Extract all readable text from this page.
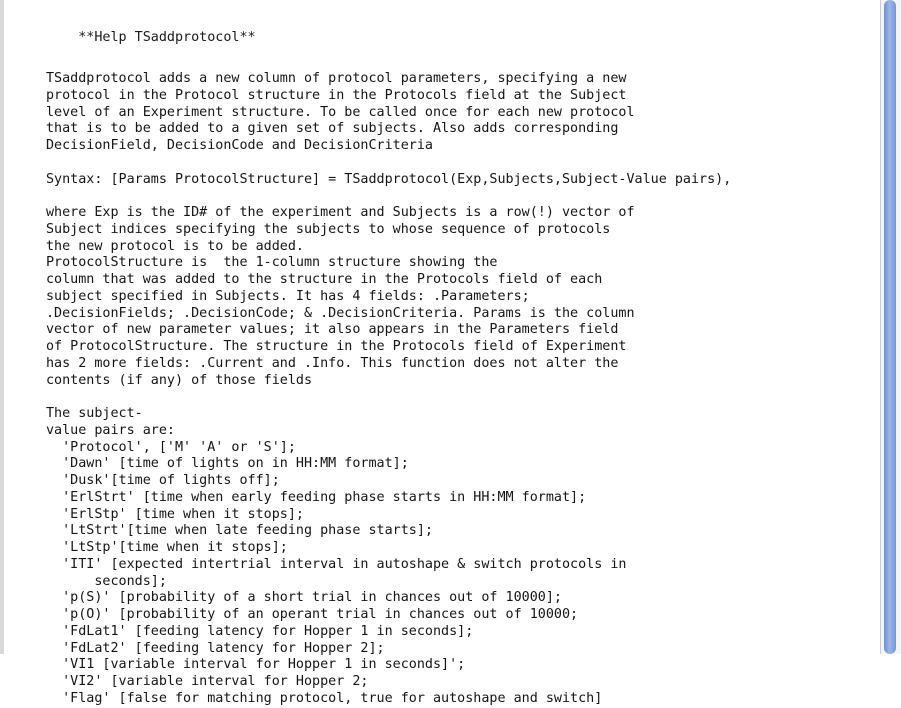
**Help TSaddprotocol**

TSaddprotocol adds a new column of protocol parameters, specifying a new
protocol in the Protocol structure in the Protocols field at the Subject
level of an Experiment structure. To be called once for each new protocol
that is to be added to a given set of subjects. Also adds corresponding
DecisionField, DecisionCode and DecisionCriteria
Syntax: [Params ProtocolStructure] = TSaddprotocol(Exp,Subjects,Subject-Value pairs),
where Exp is the ID# of the experiment and Subjects is a row(!) vector of
Subject indices specifying the subjects to whose sequence of protocols
the new protocol is to be added.
ProtocolStructure is  the 1-column structure showing the
column that was added to the structure in the Protocols field of each
subject specified in Subjects. It has 4 fields: .Parameters;
.DecisionFields; .DecisionCode; & .DecisionCriteria. Params is the column
vector of new parameter values; it also appears in the Parameters field
of ProtocolStructure. The structure in the Protocols field of Experiment
has 2 more fields: .Current and .Info. This function does not alter the
contents (if any) of those fields
The subject-
value pairs are:
'Protocol', ['M' 'A' or 'S'];
'Dawn' [time of lights on in HH:MM format];
'Dusk'[time of lights off];
'ErlStrt' [time when early feeding phase starts in HH:MM format];
'ErlStp' [time when it stops];
'LtStrt'[time when late feeding phase starts];
'LtStp'[time when it stops];
'ITI' [expected intertrial interval in autoshape & switch protocols in
seconds];
'p(S)' [probability of a short trial in chances out of 10000];
'p(O)' [probability of an operant trial in chances out of 10000;
'FdLat1' [feeding latency for Hopper 1 in seconds];
'FdLat2' [feeding latency for Hopper 2];
'VI1 [variable interval for Hopper 1 in seconds]';
'VI2' [variable interval for Hopper 2;
'Flag' [false for matching protocol, true for autoshape and switch]
